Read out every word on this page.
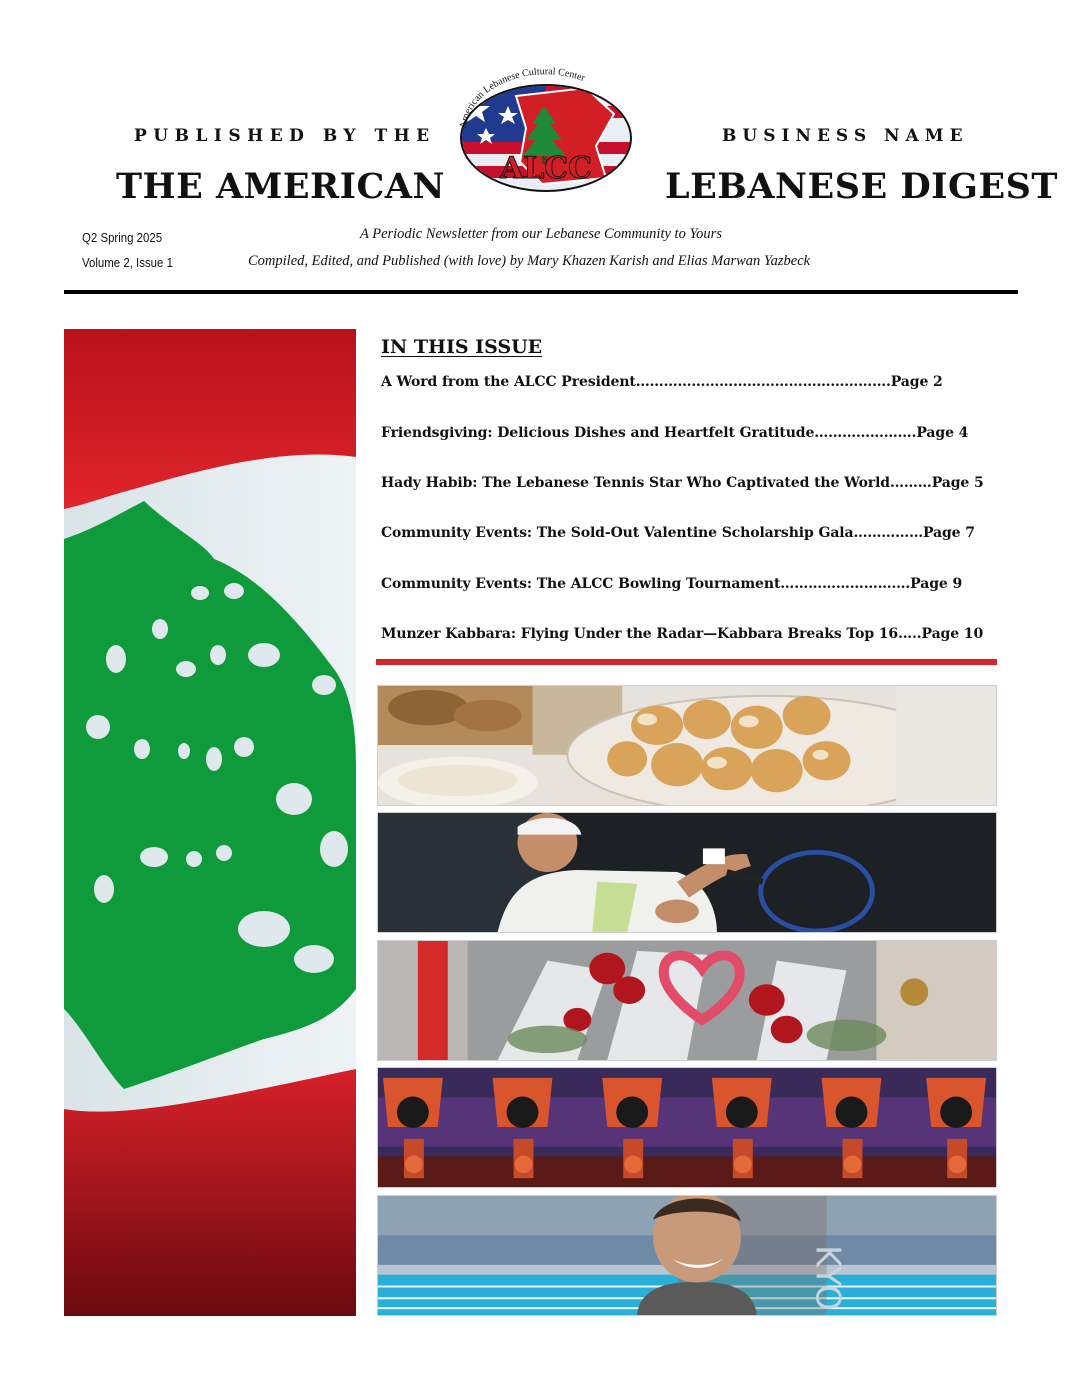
PUBLISHED BY THE	BUSINESS NAME
THE AMERICAN	LEBANESE DIGEST
ALCC
American Lebanese Cultural Center
Q2 Spring 2025
Volume 2, Issue 1
A Periodic Newsletter from our Lebanese Community to Yours
Compiled, Edited, and Published (with love) by Mary Khazen Karish and Elias Marwan Yazbeck
IN THIS ISSUE
A Word from the ALCC President……………………………………………….Page 2
Friendsgiving: Delicious Dishes and Heartfelt Gratitude………………….Page 4
Hady Habib: The Lebanese Tennis Star Who Captivated the World………Page 5
Community Events: The Sold-Out Valentine Scholarship Gala……………Page 7
Community Events: The ALCC Bowling Tournament……………………….Page 9
Munzer Kabbara: Flying Under the Radar—Kabbara Breaks Top 16…..Page 10
KYO
